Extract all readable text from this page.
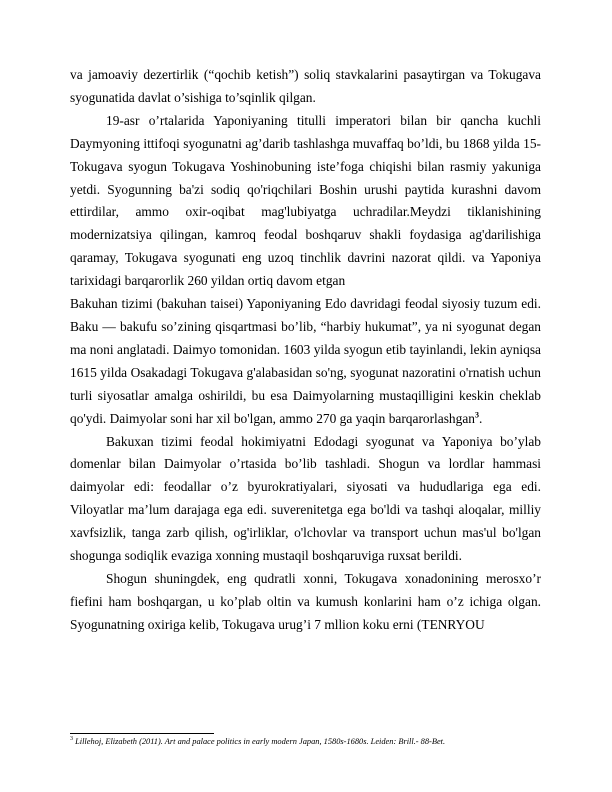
va jamoaviy dezertirlik (“qochib ketish”) soliq stavkalarini pasaytirgan va Tokugava syogunatida davlat o’sishiga to’sqinlik qilgan.

19-asr o’rtalarida Yaponiyaning titulli imperatori bilan bir qancha kuchli Daymyoning ittifoqi syogunatni ag’darib tashlashga muvaffaq bo’ldi, bu 1868 yilda 15-Tokugava syogun Tokugava Yoshinobuning iste’foga chiqishi bilan rasmiy yakuniga yetdi. Syogunning ba'zi sodiq qo'riqchilari Boshin urushi paytida kurashni davom ettirdilar, ammo oxir-oqibat mag'lubiyatga uchradilar.Meydzi tiklanishining modernizatsiya qilingan, kamroq feodal boshqaruv shakli foydasiga ag'darilishiga qaramay, Tokugava syogunati eng uzoq tinchlik davrini nazorat qildi. va Yaponiya tarixidagi barqarorlik 260 yildan ortiq davom etgan

Bakuhan tizimi (bakuhan taisei) Yaponiyaning Edo davridagi feodal siyosiy tuzum edi. Baku — bakufu so’zining qisqartmasi bo’lib, “harbiy hukumat”, ya ni syogunat degan ma noni anglatadi. Daimyo tomonidan. 1603 yilda syogun etib tayinlandi, lekin ayniqsa 1615 yilda Osakadagi Tokugava g'alabasidan so'ng, syogunat nazoratini o'rnatish uchun turli siyosatlar amalga oshirildi, bu esa Daimyolarning mustaqilligini keskin cheklab qo'ydi. Daimyolar soni har xil bo'lgan, ammo 270 ga yaqin barqarorlashgan$^3$.

Bakuxan tizimi feodal hokimiyatni Edodagi syogunat va Yaponiya bo’ylab domenlar bilan Daimyolar o’rtasida bo’lib tashladi. Shogun va lordlar hammasi daimyolar edi: feodallar o’z byurokratiyalari, siyosati va hududlariga ega edi. Viloyatlar ma’lum darajaga ega edi. suverenitetga ega bo'ldi va tashqi aloqalar, milliy xavfsizlik, tanga zarb qilish, og'irliklar, o'lchovlar va transport uchun mas'ul bo'lgan shogunga sodiqlik evaziga xonning mustaqil boshqaruviga ruxsat berildi.

Shogun shuningdek, eng qudratli xonni, Tokugava xonadonining merosxo’r fiefini ham boshqargan, u ko’plab oltin va kumush konlarini ham o’z ichiga olgan. Syogunatning oxiriga kelib, Tokugava urug’i 7 mllion koku erni (TENRYOU

$^3$ Lillehoj, Elizabeth (2011). Art and palace politics in early modern Japan, 1580s-1680s. Leiden: Brill.- 88-Bet.
